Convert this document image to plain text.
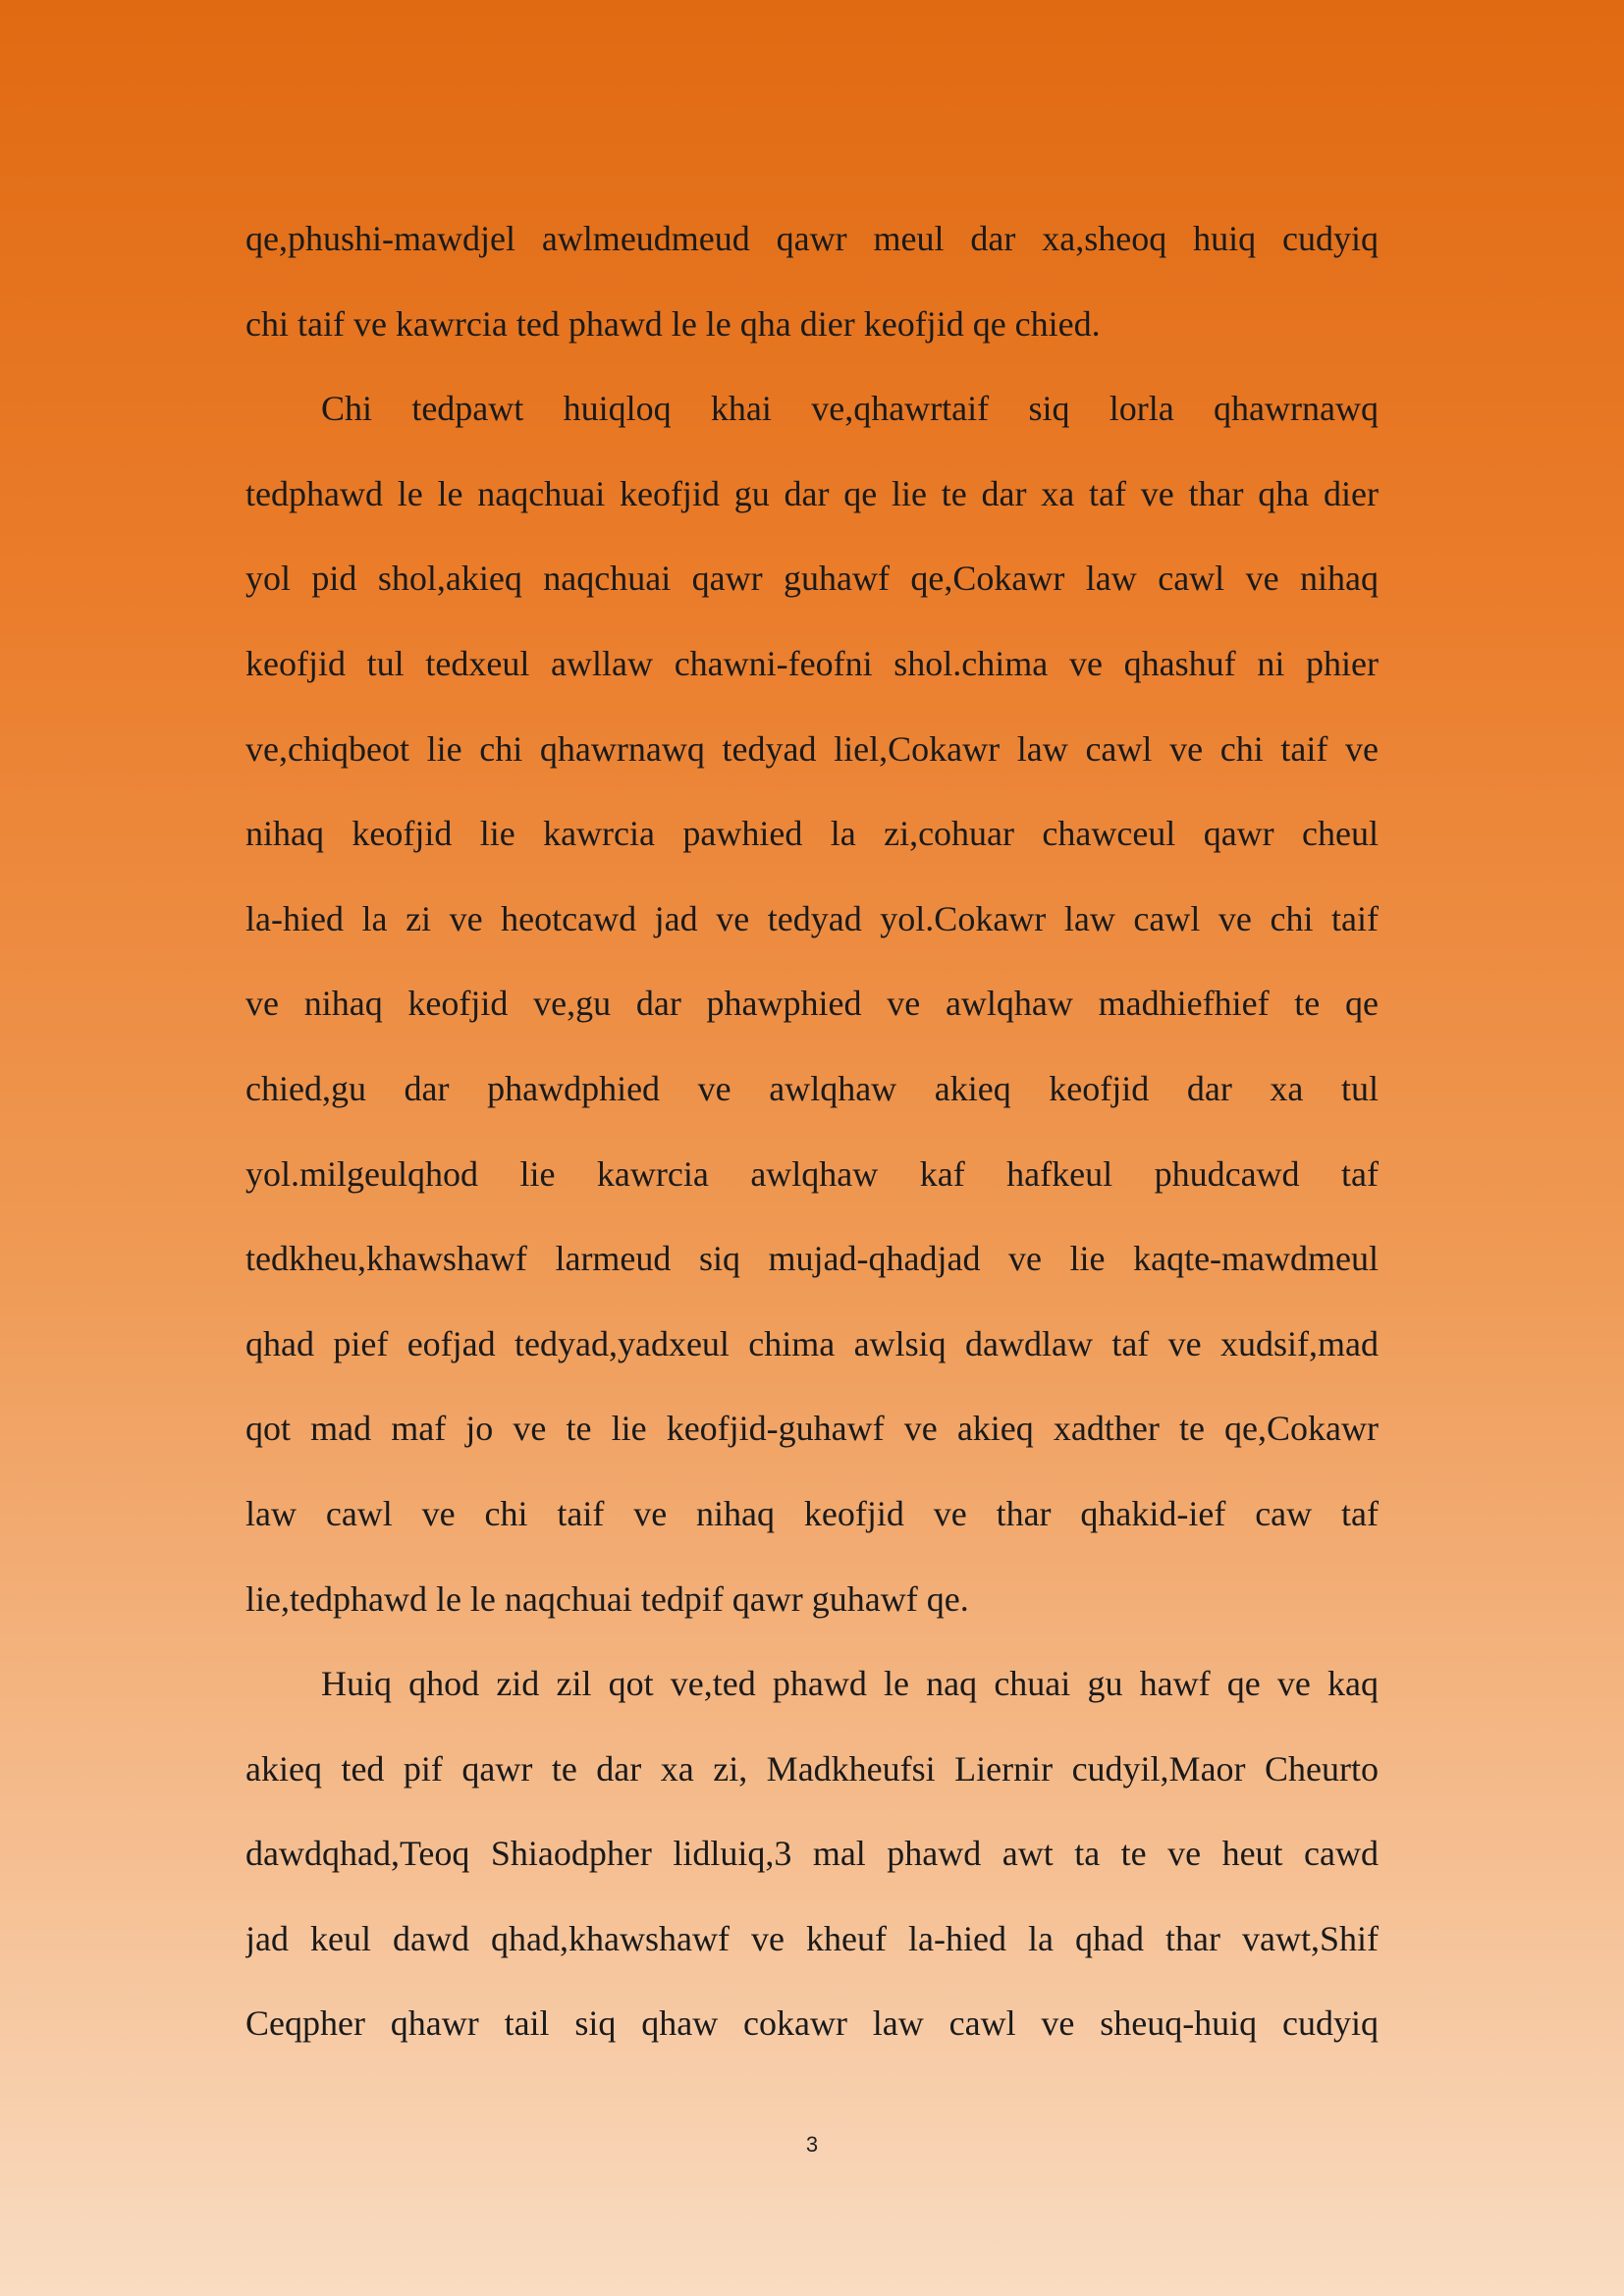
qe,phushi-mawdjel awlmeudmeud qawr meul dar xa,sheoq huiq cudyiq
chi taif ve kawrcia ted phawd le le qha dier keofjid qe chied.
Chi tedpawt huiqloq khai ve,qhawrtaif siq lorla qhawrnawq
tedphawd le le naqchuai keofjid gu dar qe lie te dar xa taf ve thar qha dier
yol pid shol,akieq naqchuai qawr guhawf qe,Cokawr law cawl ve nihaq
keofjid tul tedxeul awllaw chawni-feofni shol.chima ve qhashuf ni phier
ve,chiqbeot lie chi qhawrnawq tedyad liel,Cokawr law cawl ve chi taif ve
nihaq keofjid lie kawrcia pawhied la zi,cohuar chawceul qawr cheul
la-hied la zi ve heotcawd jad ve tedyad yol.Cokawr law cawl ve chi taif
ve nihaq keofjid ve,gu dar phawphied ve awlqhaw madhiefhief te qe
chied,gu dar phawdphied ve awlqhaw akieq keofjid dar xa tul
yol.milgeulqhod lie kawrcia awlqhaw kaf hafkeul phudcawd taf
tedkheu,khawshawf larmeud siq mujad-qhadjad ve lie kaqte-mawdmeul
qhad pief eofjad tedyad,yadxeul chima awlsiq dawdlaw taf ve xudsif,mad
qot mad maf jo ve te lie keofjid-guhawf ve akieq xadther te qe,Cokawr
law cawl ve chi taif ve nihaq keofjid ve thar qhakid-ief caw taf
lie,tedphawd le le naqchuai tedpif qawr guhawf qe.
Huiq qhod zid zil qot ve,ted phawd le naq chuai gu hawf qe ve kaq
akieq ted pif qawr te dar xa zi, Madkheufsi Liernir cudyil,Maor Cheurto
dawdqhad,Teoq Shiaodpher lidluiq,3 mal phawd awt ta te ve heut cawd
jad keul dawd qhad,khawshawf ve kheuf la-hied la qhad thar vawt,Shif
Ceqpher qhawr tail siq qhaw cokawr law cawl ve sheuq-huiq cudyiq
3
